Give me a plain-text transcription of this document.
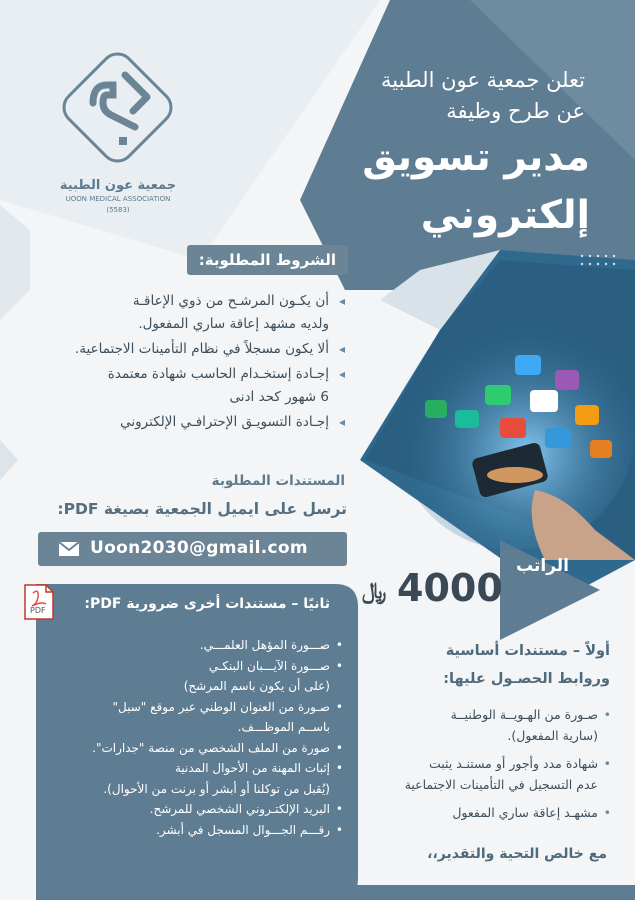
جمعية عون الطبية
UOON MEDICAL ASSOCIATION
(5583)
تعلن جمعية عون الطبية
عن طرح وظيفة
مدير تسويق
إلكتروني
الشروط المطلوبة:
◂ أن يكـون المرشـح من ذوي الإعاقـة
ولديه مشهد إعاقة ساري المفعول.
◂ ألا يكون مسجلاً في نظام التأمينات الاجتماعية.
◂ إجـادة إستخـدام الحاسب شهادة معتمدة
6 شهور كحد ادنى
◂ إجـادة التسويـق الإحترافـي الإلكتروني
المستندات المطلوبة
ترسل على ايميل الجمعية بصيغة PDF:
Uoon2030@gmail.com
PDF
الراتب
4000
﷼
ثانيًا – مستندات أخرى ضرورية PDF:
• صـــورة المؤهل العلمـــي.
• صـــورة الآيـــبان البنكـي
(على أن يكون باسم المرشح)
• صـورة من العنوان الوطني عبر موقع "سبل"
باســم الموظـــف.
• صورة من الملف الشخصي من منصة "جدارات".
• إثبات المهنة من الأحوال المدنية
(يُقبل من توكلنا أو أبشر أو برنت من الأحوال).
• البريد الإلكتـروني الشخصي للمرشح.
• رقـــم الجـــوال المسجل في أبشر.
أولاً – مستندات أساسية
وروابط الحصـول عليها:
• صـورة من الهـويــة الوطنيــة
(سارية المفعول).
• شهادة مدد وأجور أو مستنـد يثبت
عدم التسجيل في التأمينات الاجتماعية
• مشهـد إعاقة ساري المفعول
مع خالص التحية والتقدير،،
